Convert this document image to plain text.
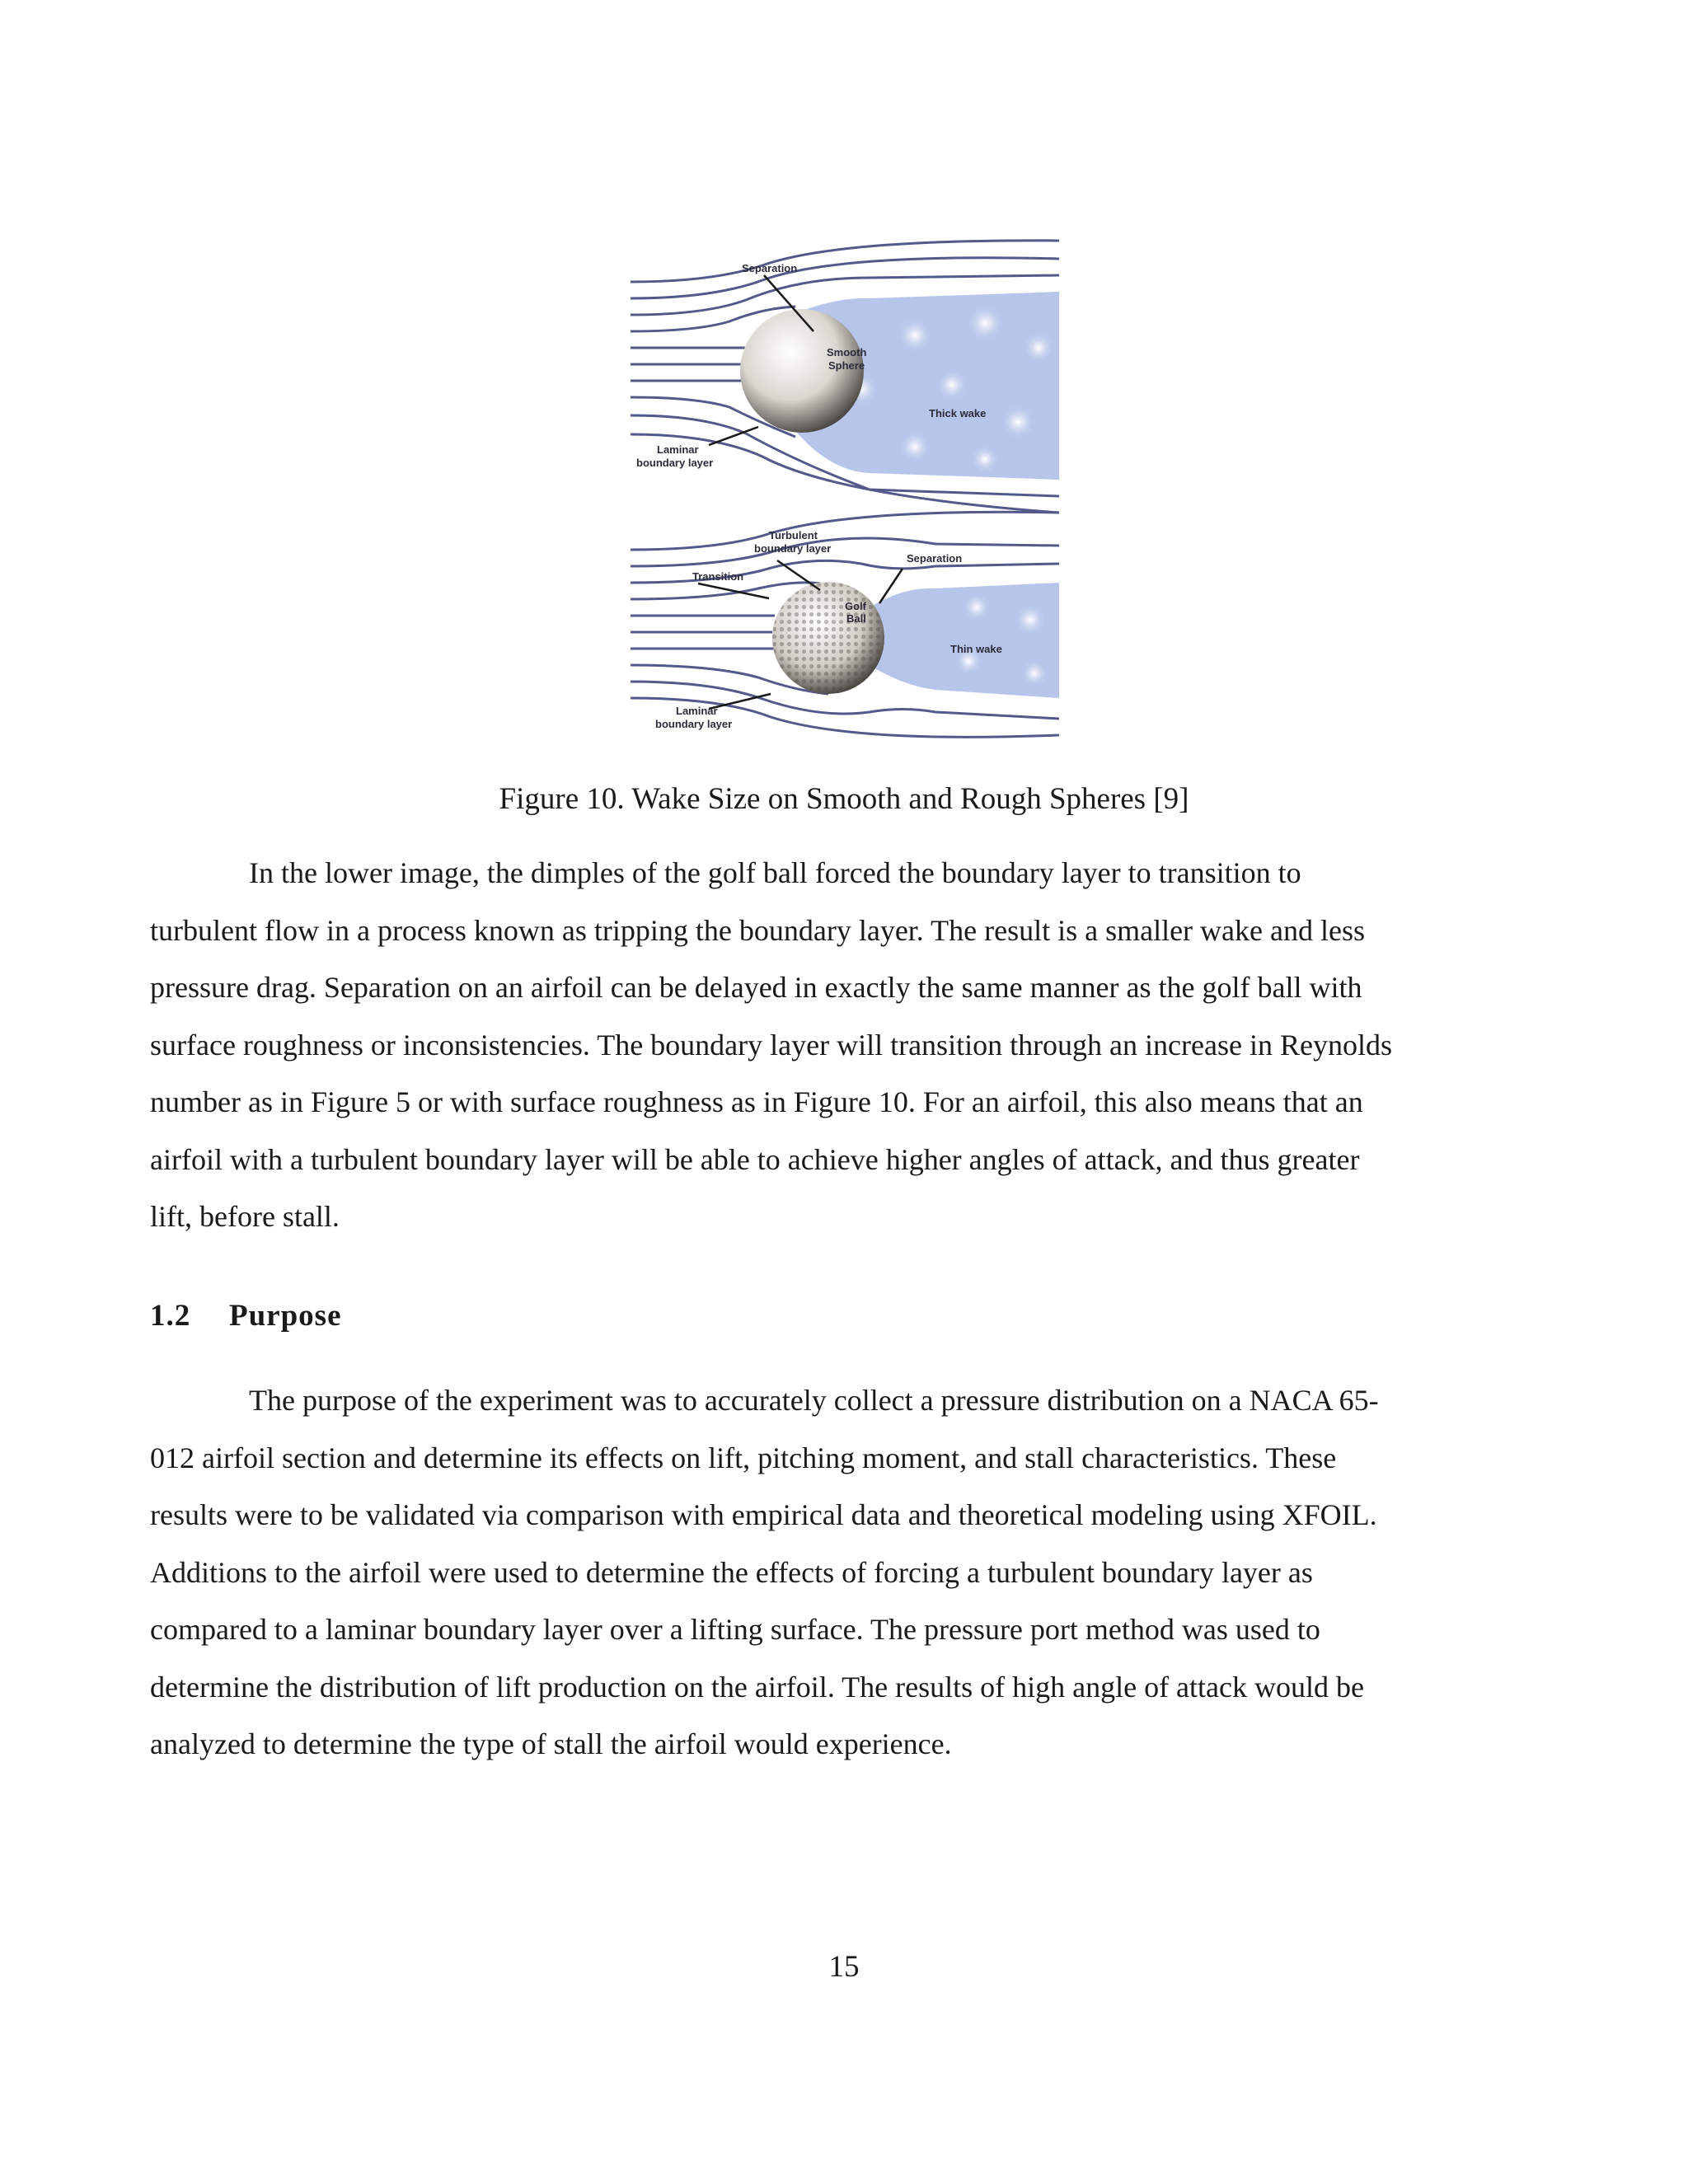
Separation
Smooth
Sphere
Thick wake
Laminar
boundary layer
Turbulent
boundary layer
Separation
Transition
Golf
Ball
Thin wake
Laminar
boundary layer
Figure 10. Wake Size on Smooth and Rough Spheres [9]

In the lower image, the dimples of the golf ball forced the boundary layer to transition to
turbulent flow in a process known as tripping the boundary layer. The result is a smaller wake and less
pressure drag. Separation on an airfoil can be delayed in exactly the same manner as the golf ball with
surface roughness or inconsistencies. The boundary layer will transition through an increase in Reynolds
number as in Figure 5 or with surface roughness as in Figure 10. For an airfoil, this also means that an
airfoil with a turbulent boundary layer will be able to achieve higher angles of attack, and thus greater
lift, before stall.

1.2 Purpose

The purpose of the experiment was to accurately collect a pressure distribution on a NACA 65-
012 airfoil section and determine its effects on lift, pitching moment, and stall characteristics. These
results were to be validated via comparison with empirical data and theoretical modeling using XFOIL.
Additions to the airfoil were used to determine the effects of forcing a turbulent boundary layer as
compared to a laminar boundary layer over a lifting surface. The pressure port method was used to
determine the distribution of lift production on the airfoil. The results of high angle of attack would be
analyzed to determine the type of stall the airfoil would experience.

15
